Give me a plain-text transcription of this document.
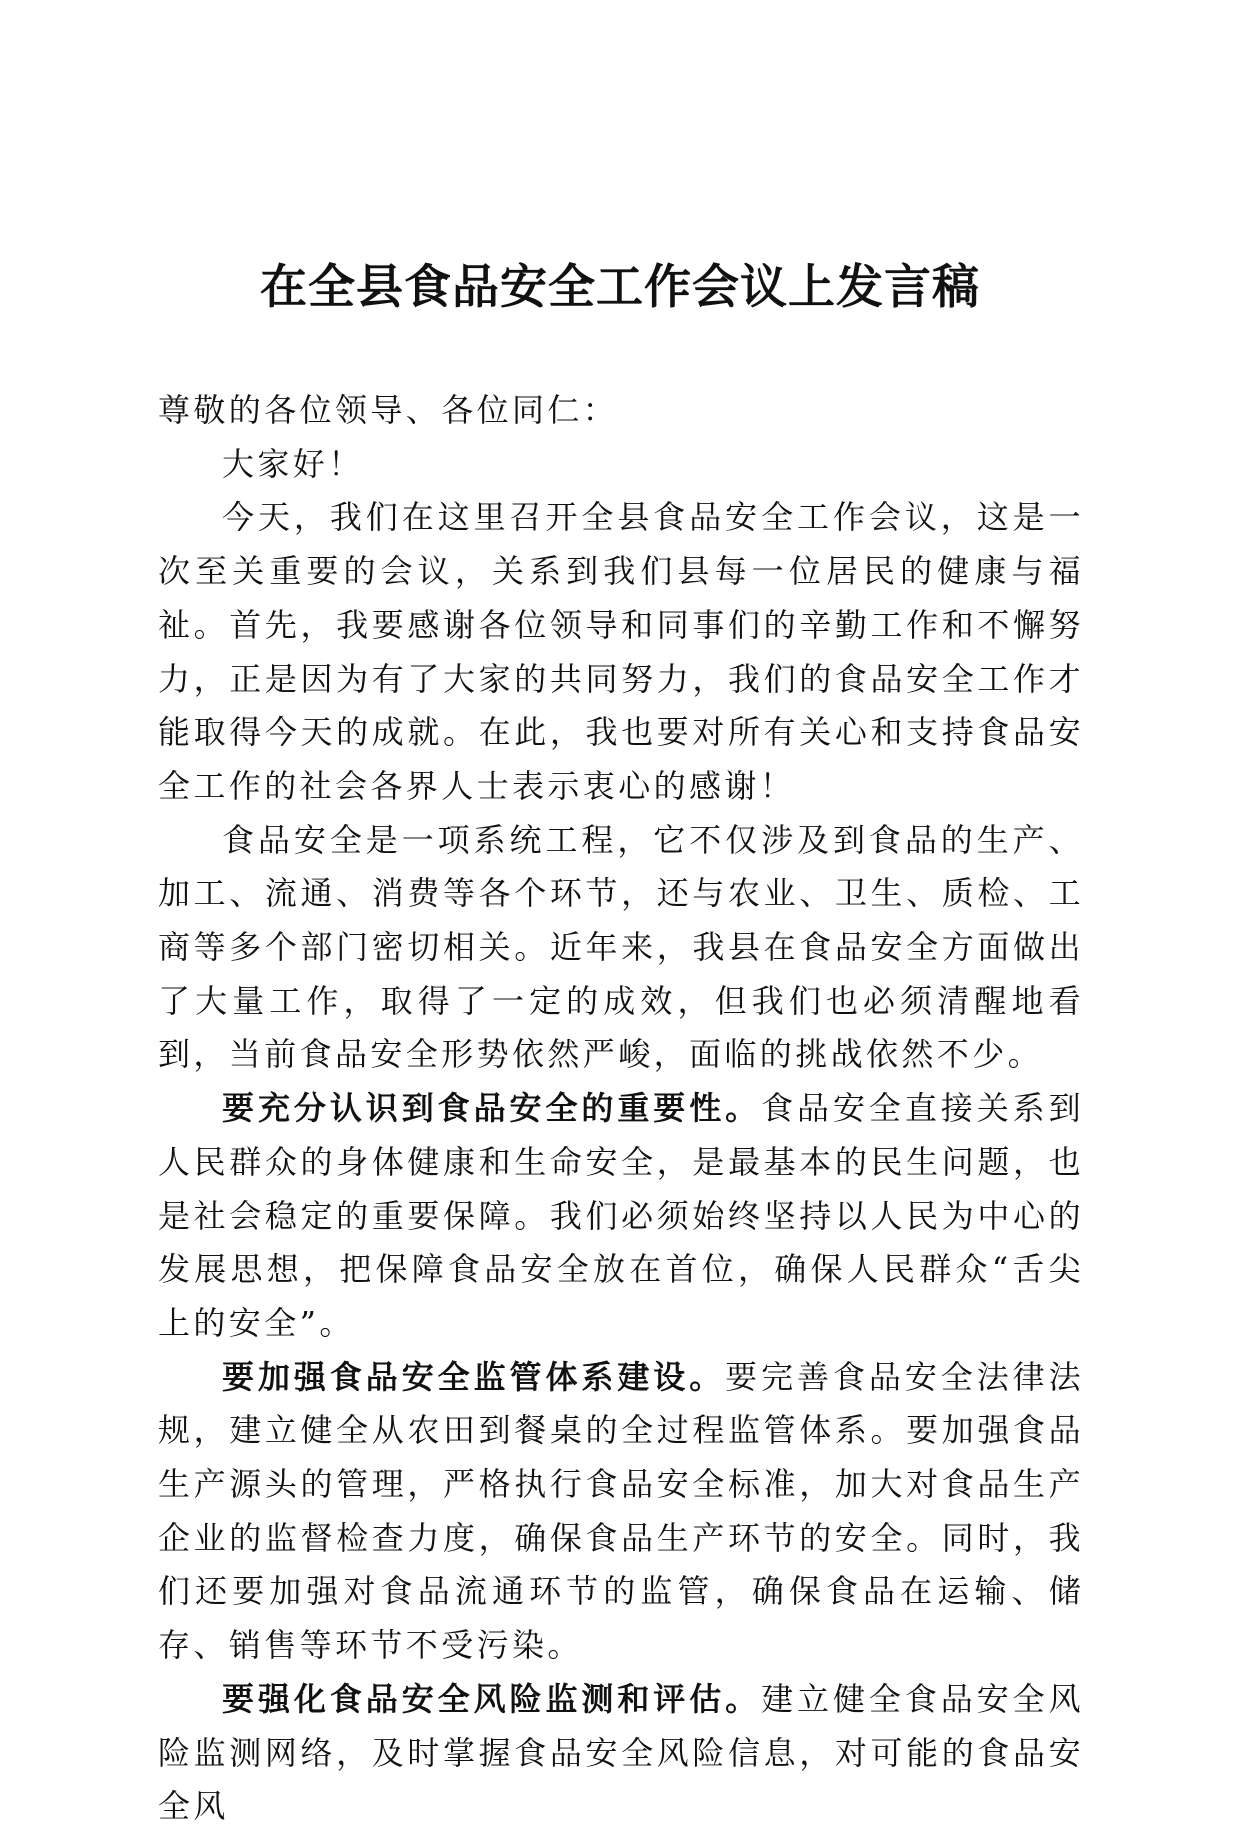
在全县食品安全工作会议上发言稿

尊敬的各位领导、各位同仁：

大家好！

今天，我们在这里召开全县食品安全工作会议，这是一次至关重要的会议，关系到我们县每一位居民的健康与福祉。首先，我要感谢各位领导和同事们的辛勤工作和不懈努力，正是因为有了大家的共同努力，我们的食品安全工作才能取得今天的成就。在此，我也要对所有关心和支持食品安全工作的社会各界人士表示衷心的感谢！

食品安全是一项系统工程，它不仅涉及到食品的生产、加工、流通、消费等各个环节，还与农业、卫生、质检、工商等多个部门密切相关。近年来，我县在食品安全方面做出了大量工作，取得了一定的成效，但我们也必须清醒地看到，当前食品安全形势依然严峻，面临的挑战依然不少。

要充分认识到食品安全的重要性。食品安全直接关系到人民群众的身体健康和生命安全，是最基本的民生问题，也是社会稳定的重要保障。我们必须始终坚持以人民为中心的发展思想，把保障食品安全放在首位，确保人民群众“舌尖上的安全”。

要加强食品安全监管体系建设。要完善食品安全法律法规，建立健全从农田到餐桌的全过程监管体系。要加强食品生产源头的管理，严格执行食品安全标准，加大对食品生产企业的监督检查力度，确保食品生产环节的安全。同时，我们还要加强对食品流通环节的监管，确保食品在运输、储存、销售等环节不受污染。

要强化食品安全风险监测和评估。建立健全食品安全风险监测网络，及时掌握食品安全风险信息，对可能的食品安全风
